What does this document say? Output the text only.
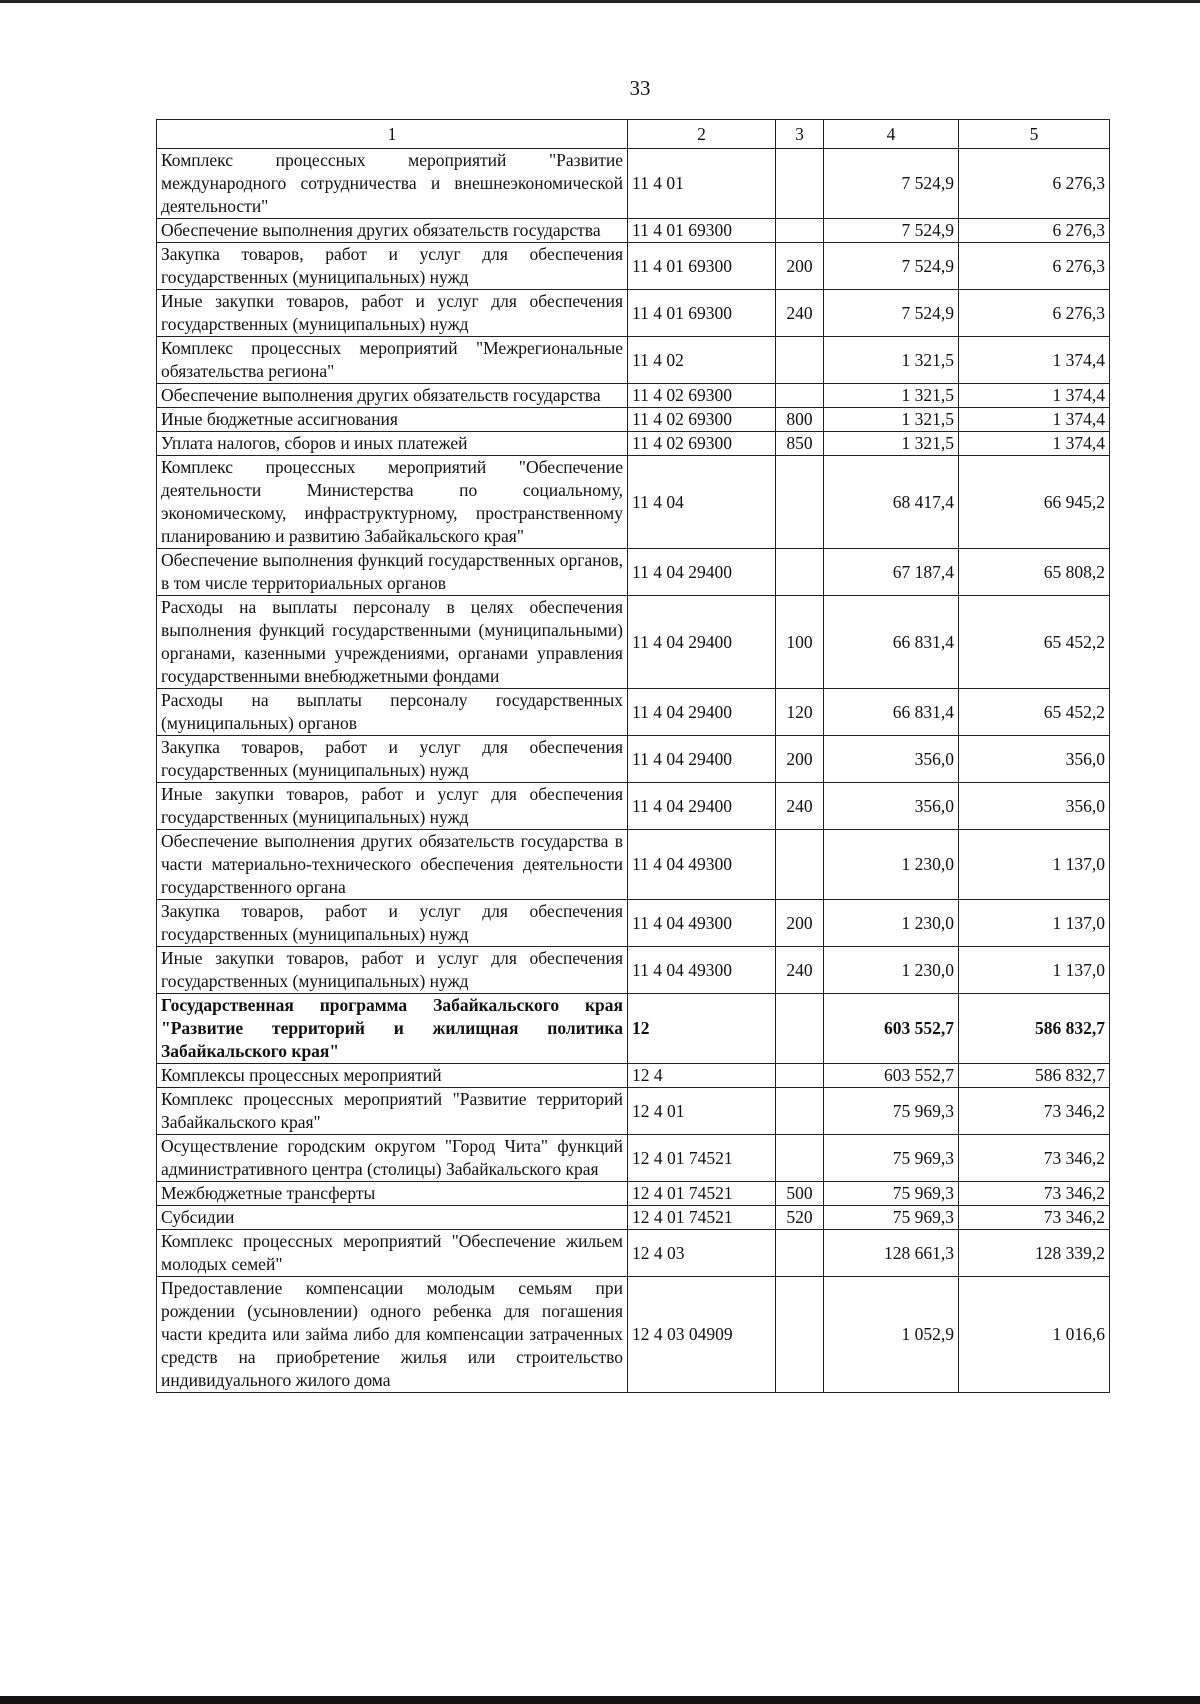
33
1	2	3	4	5
Комплекс процессных мероприятий "Развитие международного сотрудничества и внешнеэкономической деятельности"	11 4 01		7 524,9	6 276,3
Обеспечение выполнения других обязательств государства	11 4 01 69300		7 524,9	6 276,3
Закупка товаров, работ и услуг для обеспечения государственных (муниципальных) нужд	11 4 01 69300	200	7 524,9	6 276,3
Иные закупки товаров, работ и услуг для обеспечения государственных (муниципальных) нужд	11 4 01 69300	240	7 524,9	6 276,3
Комплекс процессных мероприятий "Межрегиональные обязательства региона"	11 4 02		1 321,5	1 374,4
Обеспечение выполнения других обязательств государства	11 4 02 69300		1 321,5	1 374,4
Иные бюджетные ассигнования	11 4 02 69300	800	1 321,5	1 374,4
Уплата налогов, сборов и иных платежей	11 4 02 69300	850	1 321,5	1 374,4
Комплекс процессных мероприятий "Обеспечение деятельности Министерства по социальному, экономическому, инфраструктурному, пространственному планированию и развитию Забайкальского края"	11 4 04		68 417,4	66 945,2
Обеспечение выполнения функций государственных органов, в том числе территориальных органов	11 4 04 29400		67 187,4	65 808,2
Расходы на выплаты персоналу в целях обеспечения выполнения функций государственными (муниципальными) органами, казенными учреждениями, органами управления государственными внебюджетными фондами	11 4 04 29400	100	66 831,4	65 452,2
Расходы на выплаты персоналу государственных (муниципальных) органов	11 4 04 29400	120	66 831,4	65 452,2
Закупка товаров, работ и услуг для обеспечения государственных (муниципальных) нужд	11 4 04 29400	200	356,0	356,0
Иные закупки товаров, работ и услуг для обеспечения государственных (муниципальных) нужд	11 4 04 29400	240	356,0	356,0
Обеспечение выполнения других обязательств государства в части материально-технического обеспечения деятельности государственного органа	11 4 04 49300		1 230,0	1 137,0
Закупка товаров, работ и услуг для обеспечения государственных (муниципальных) нужд	11 4 04 49300	200	1 230,0	1 137,0
Иные закупки товаров, работ и услуг для обеспечения государственных (муниципальных) нужд	11 4 04 49300	240	1 230,0	1 137,0
Государственная программа Забайкальского края "Развитие территорий и жилищная политика Забайкальского края"	12		603 552,7	586 832,7
Комплексы процессных мероприятий	12 4		603 552,7	586 832,7
Комплекс процессных мероприятий "Развитие территорий Забайкальского края"	12 4 01		75 969,3	73 346,2
Осуществление городским округом "Город Чита" функций административного центра (столицы) Забайкальского края	12 4 01 74521		75 969,3	73 346,2
Межбюджетные трансферты	12 4 01 74521	500	75 969,3	73 346,2
Субсидии	12 4 01 74521	520	75 969,3	73 346,2
Комплекс процессных мероприятий "Обеспечение жильем молодых семей"	12 4 03		128 661,3	128 339,2
Предоставление компенсации молодым семьям при рождении (усыновлении) одного ребенка для погашения части кредита или займа либо для компенсации затраченных средств на приобретение жилья или строительство индивидуального жилого дома	12 4 03 04909		1 052,9	1 016,6
